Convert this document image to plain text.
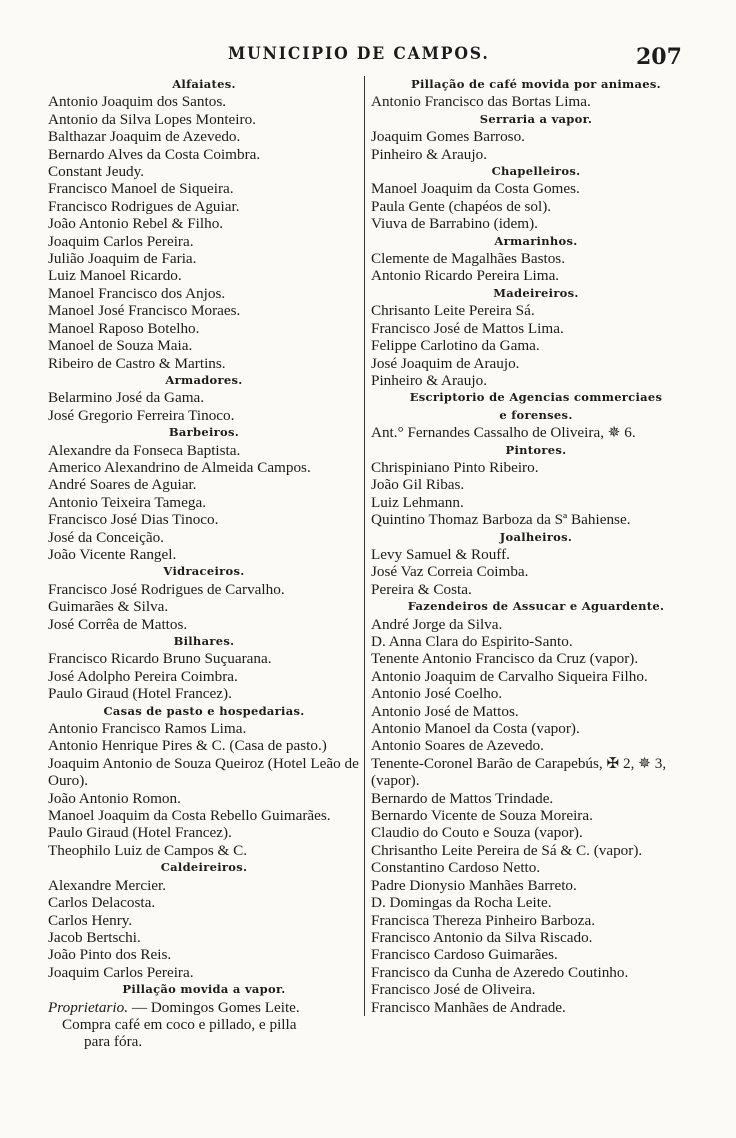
MUNICIPIO DE CAMPOS.	207
Alfaiates.
Antonio Joaquim dos Santos.
Antonio da Silva Lopes Monteiro.
Balthazar Joaquim de Azevedo.
Bernardo Alves da Costa Coimbra.
Constant Jeudy.
Francisco Manoel de Siqueira.
Francisco Rodrigues de Aguiar.
João Antonio Rebel & Filho.
Joaquim Carlos Pereira.
Julião Joaquim de Faria.
Luiz Manoel Ricardo.
Manoel Francisco dos Anjos.
Manoel José Francisco Moraes.
Manoel Raposo Botelho.
Manoel de Souza Maia.
Ribeiro de Castro & Martins.
Armadores.
Belarmino José da Gama.
José Gregorio Ferreira Tinoco.
Barbeiros.
Alexandre da Fonseca Baptista.
Americo Alexandrino de Almeida Campos.
André Soares de Aguiar.
Antonio Teixeira Tamega.
Francisco José Dias Tinoco.
José da Conceição.
João Vicente Rangel.
Vidraceiros.
Francisco José Rodrigues de Carvalho.
Guimarães & Silva.
José Corrêa de Mattos.
Bilhares.
Francisco Ricardo Bruno Suçuarana.
José Adolpho Pereira Coimbra.
Paulo Giraud (Hotel Francez).
Casas de pasto e hospedarias.
Antonio Francisco Ramos Lima.
Antonio Henrique Pires & C. (Casa de pasto.)
Joaquim Antonio de Souza Queiroz (Hotel Leão de Ouro).
João Antonio Romon.
Manoel Joaquim da Costa Rebello Guimarães.
Paulo Giraud (Hotel Francez).
Theophilo Luiz de Campos & C.
Caldeireiros.
Alexandre Mercier.
Carlos Delacosta.
Carlos Henry.
Jacob Bertschi.
João Pinto dos Reis.
Joaquim Carlos Pereira.
Pillação movida a vapor.
Proprietario. — Domingos Gomes Leite.
Compra café em coco e pillado, e pilla
para fóra.
Pillação de café movida por animaes.
Antonio Francisco das Bortas Lima.
Serraria a vapor.
Joaquim Gomes Barroso.
Pinheiro & Araujo.
Chapelleiros.
Manoel Joaquim da Costa Gomes.
Paula Gente (chapéos de sol).
Viuva de Barrabino (idem).
Armarinhos.
Clemente de Magalhães Bastos.
Antonio Ricardo Pereira Lima.
Madeireiros.
Chrisanto Leite Pereira Sá.
Francisco José de Mattos Lima.
Felippe Carlotino da Gama.
José Joaquim de Araujo.
Pinheiro & Araujo.
Escriptorio de Agencias commerciaes
e forenses.
Ant.° Fernandes Cassalho de Oliveira, ✵ 6.
Pintores.
Chrispiniano Pinto Ribeiro.
João Gil Ribas.
Luiz Lehmann.
Quintino Thomaz Barboza da Sª Bahiense.
Joalheiros.
Levy Samuel & Rouff.
José Vaz Correia Coimba.
Pereira & Costa.
Fazendeiros de Assucar e Aguardente.
André Jorge da Silva.
D. Anna Clara do Espirito-Santo.
Tenente Antonio Francisco da Cruz (vapor).
Antonio Joaquim de Carvalho Siqueira Filho.
Antonio José Coelho.
Antonio José de Mattos.
Antonio Manoel da Costa (vapor).
Antonio Soares de Azevedo.
Tenente-Coronel Barão de Carapebús, ✠ 2, ✵ 3, (vapor).
Bernardo de Mattos Trindade.
Bernardo Vicente de Souza Moreira.
Claudio do Couto e Souza (vapor).
Chrisantho Leite Pereira de Sá & C. (vapor).
Constantino Cardoso Netto.
Padre Dionysio Manhães Barreto.
D. Domingas da Rocha Leite.
Francisca Thereza Pinheiro Barboza.
Francisco Antonio da Silva Riscado.
Francisco Cardoso Guimarães.
Francisco da Cunha de Azeredo Coutinho.
Francisco José de Oliveira.
Francisco Manhães de Andrade.
